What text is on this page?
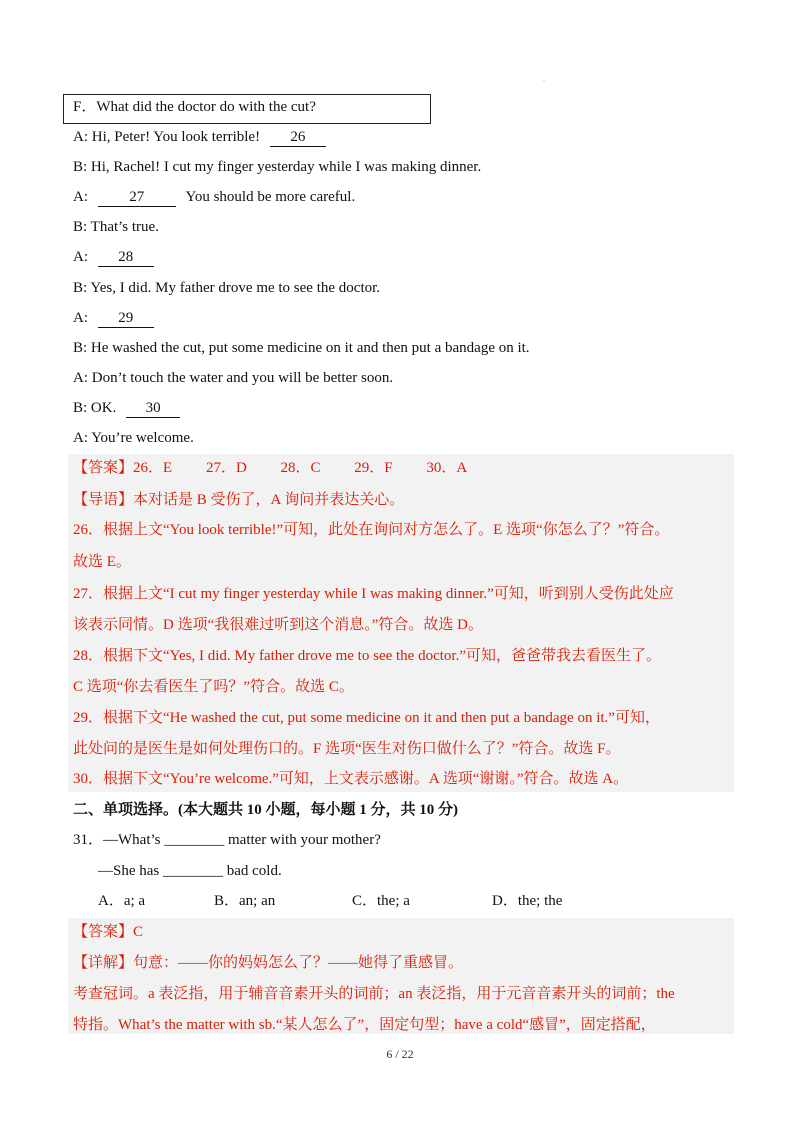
.
F．What did the doctor do with the cut?
A: Hi, Peter! You look terrible! 26
B: Hi, Rachel! I cut my finger yesterday while I was making dinner.
A:	27	You should be more careful.
B: That’s true.
A: 28
B: Yes, I did. My father drove me to see the doctor.
A: 29
B: He washed the cut, put some medicine on it and then put a bandage on it.
A: Don’t touch the water and you will be better soon.
B: OK. 30
A: You’re welcome.
【答案】26．E 27．D 28．C 29．F 30．A
【导语】本对话是 B 受伤了，A 询问并表达关心。
26．根据上文“You look terrible!”可知，此处在询问对方怎么了。E 选项“你怎么了？”符合。
故选 E。
27．根据上文“I cut my finger yesterday while I was making dinner.”可知，听到别人受伤此处应
该表示同情。D 选项“我很难过听到这个消息。”符合。故选 D。
28．根据下文“Yes, I did. My father drove me to see the doctor.”可知，爸爸带我去看医生了。
C 选项“你去看医生了吗？”符合。故选 C。
29．根据下文“He washed the cut, put some medicine on it and then put a bandage on it.”可知，
此处问的是医生是如何处理伤口的。F 选项“医生对伤口做什么了？”符合。故选 F。
30．根据下文“You’re welcome.”可知，上文表示感谢。A 选项“谢谢。”符合。故选 A。
二、单项选择。(本大题共 10 小题，每小题 1 分，共 10 分)
31．—What’s ________ matter with your mother?
—She has ________ bad cold.
A．a; a	B．an; an	C．the; a	D．the; the
【答案】C
【详解】句意：——你的妈妈怎么了？——她得了重感冒。
考查冠词。a 表泛指，用于辅音音素开头的词前；an 表泛指，用于元音音素开头的词前；the
特指。What’s the matter with sb.“某人怎么了”，固定句型；have a cold“感冒”，固定搭配，
6 / 22
